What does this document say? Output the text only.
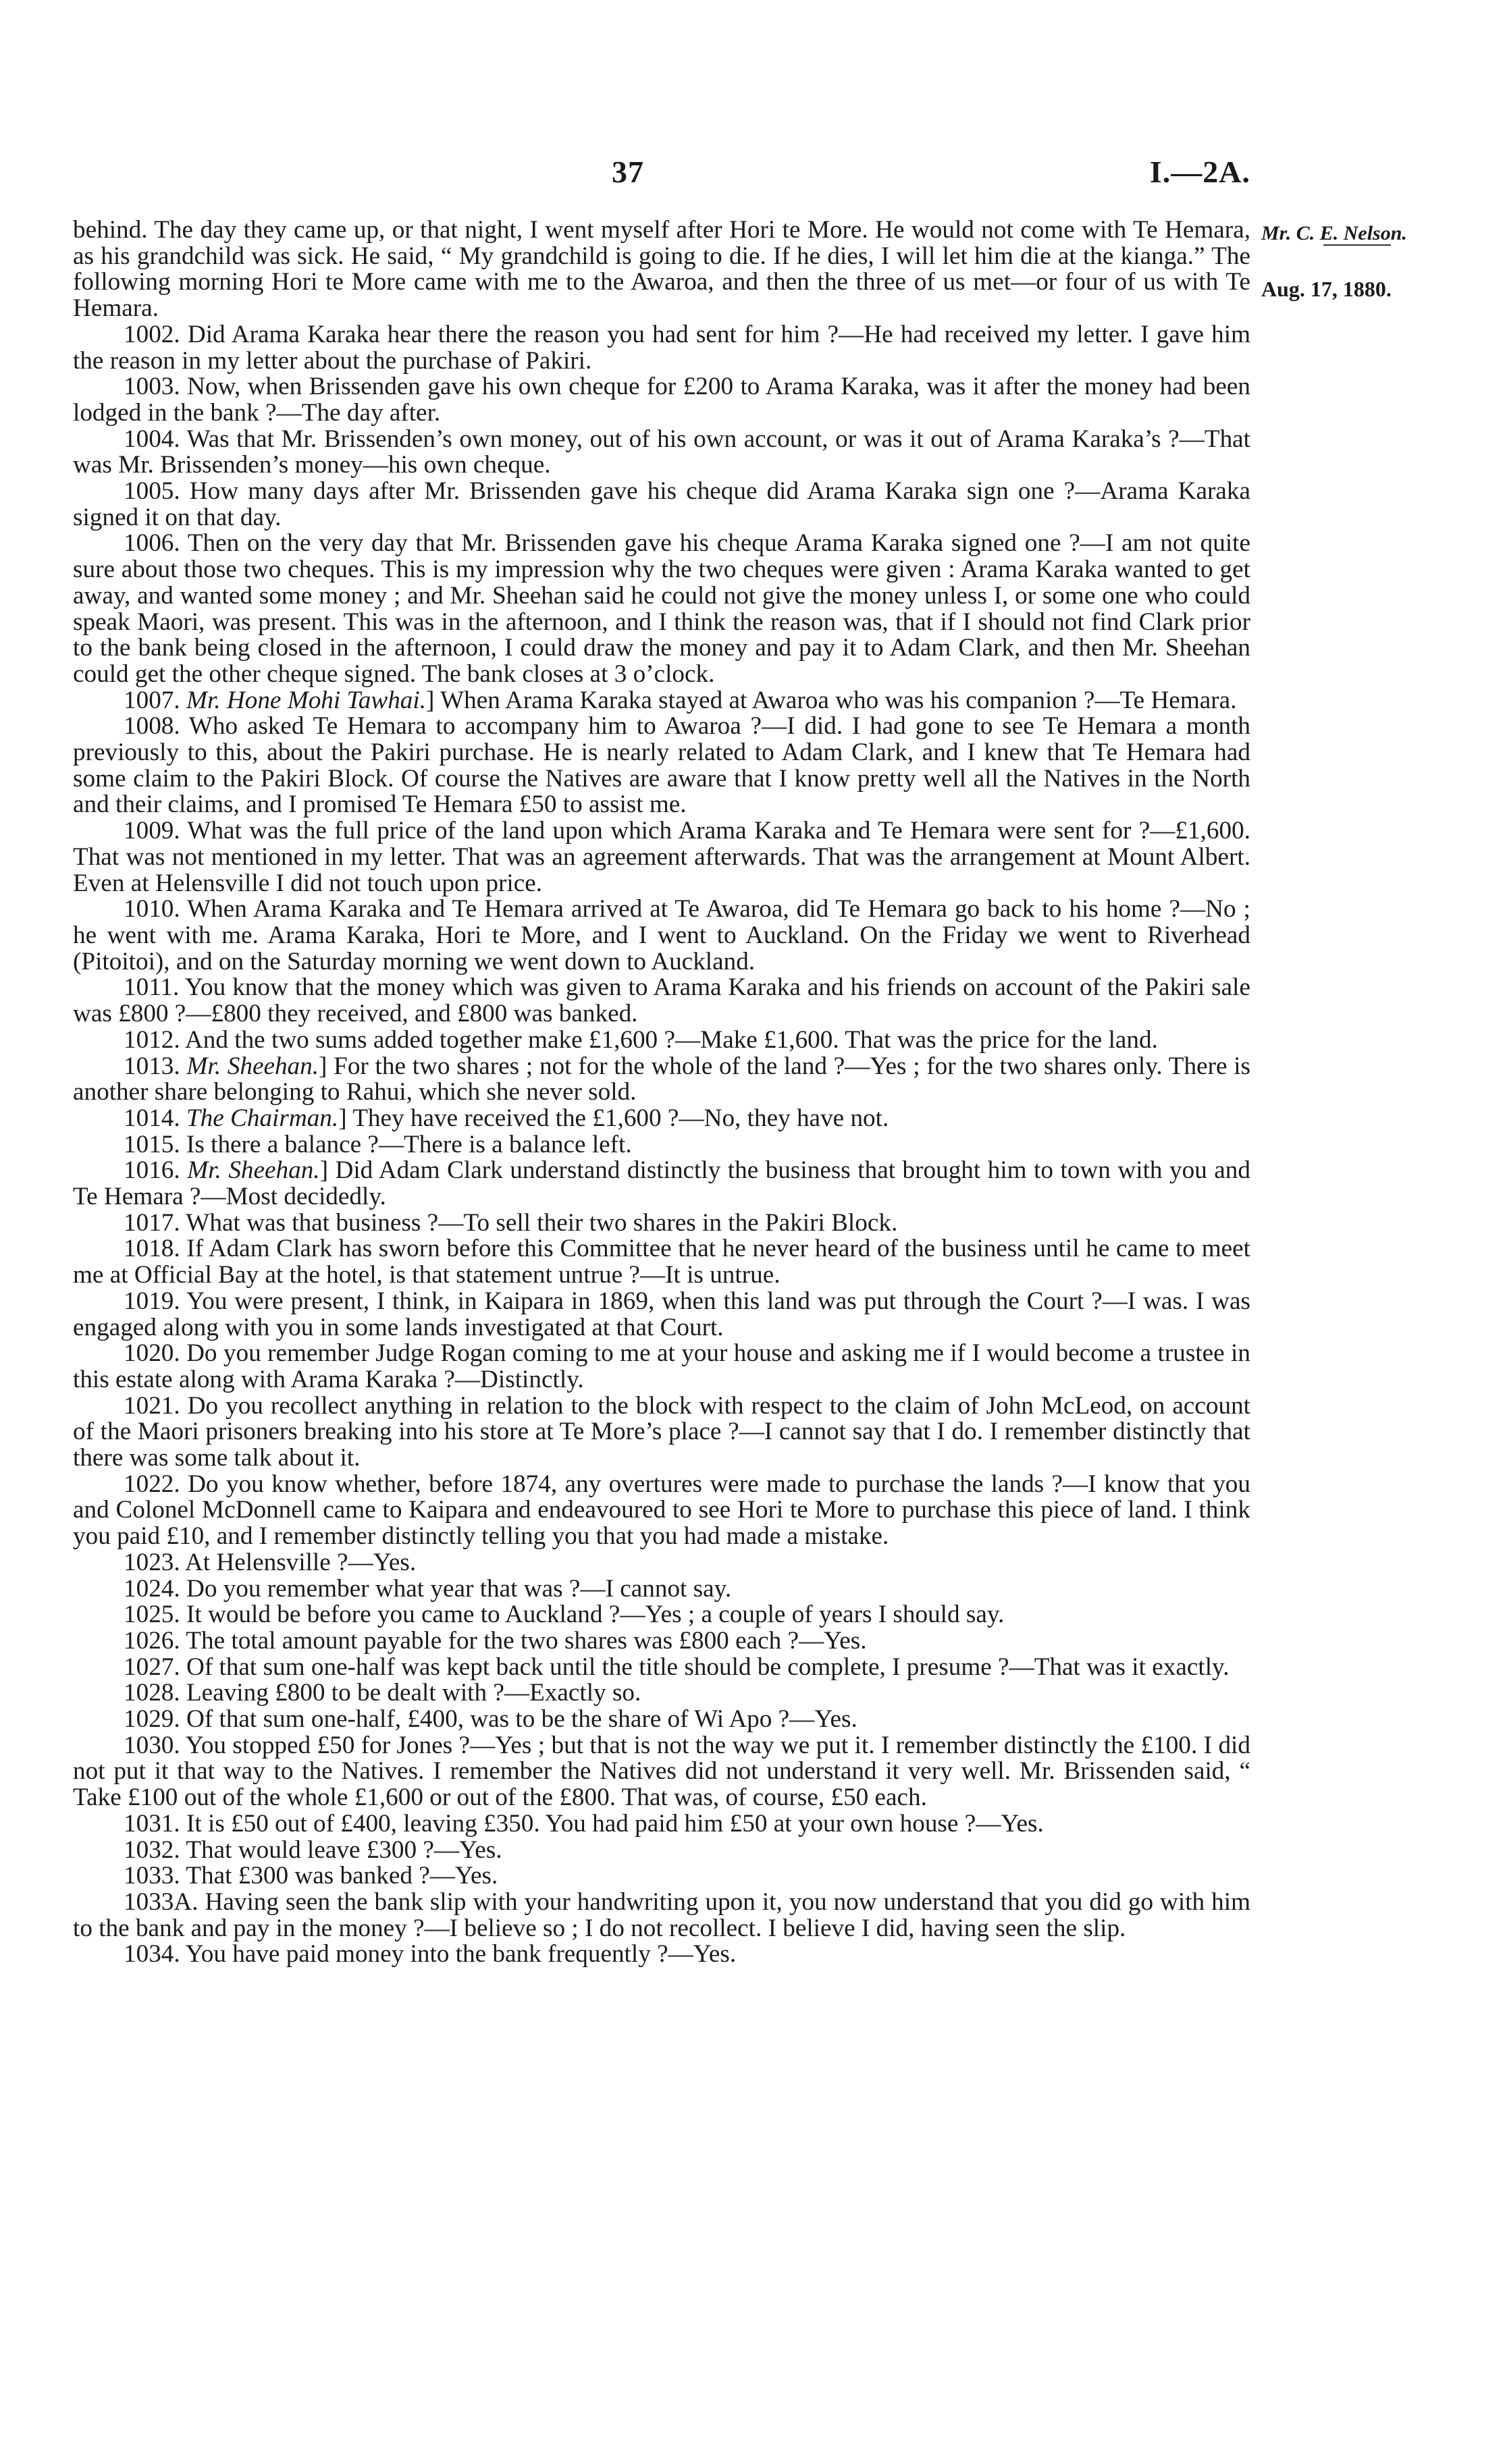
37	I.—2A.
Mr. C. E. Nelson.
Aug. 17, 1880.

behind. The day they came up, or that night, I went myself after Hori te More. He would not come with Te Hemara, as his grandchild was sick. He said, “ My grandchild is going to die. If he dies, I will let him die at the kianga.” The following morning Hori te More came with me to the Awaroa, and then the three of us met—or four of us with Te Hemara.

1002. Did Arama Karaka hear there the reason you had sent for him ?—He had received my letter. I gave him the reason in my letter about the purchase of Pakiri.

1003. Now, when Brissenden gave his own cheque for £200 to Arama Karaka, was it after the money had been lodged in the bank ?—The day after.

1004. Was that Mr. Brissenden’s own money, out of his own account, or was it out of Arama Karaka’s ?—That was Mr. Brissenden’s money—his own cheque.

1005. How many days after Mr. Brissenden gave his cheque did Arama Karaka sign one ?—Arama Karaka signed it on that day.

1006. Then on the very day that Mr. Brissenden gave his cheque Arama Karaka signed one ?—I am not quite sure about those two cheques. This is my impression why the two cheques were given : Arama Karaka wanted to get away, and wanted some money ; and Mr. Sheehan said he could not give the money unless I, or some one who could speak Maori, was present. This was in the afternoon, and I think the reason was, that if I should not find Clark prior to the bank being closed in the afternoon, I could draw the money and pay it to Adam Clark, and then Mr. Sheehan could get the other cheque signed. The bank closes at 3 o’clock.

1007. Mr. Hone Mohi Tawhai.] When Arama Karaka stayed at Awaroa who was his companion ?—Te Hemara.

1008. Who asked Te Hemara to accompany him to Awaroa ?—I did. I had gone to see Te Hemara a month previously to this, about the Pakiri purchase. He is nearly related to Adam Clark, and I knew that Te Hemara had some claim to the Pakiri Block. Of course the Natives are aware that I know pretty well all the Natives in the North and their claims, and I promised Te Hemara £50 to assist me.

1009. What was the full price of the land upon which Arama Karaka and Te Hemara were sent for ?—£1,600. That was not mentioned in my letter. That was an agreement afterwards. That was the arrangement at Mount Albert. Even at Helensville I did not touch upon price.

1010. When Arama Karaka and Te Hemara arrived at Te Awaroa, did Te Hemara go back to his home ?—No ; he went with me. Arama Karaka, Hori te More, and I went to Auckland. On the Friday we went to Riverhead (Pitoitoi), and on the Saturday morning we went down to Auckland.

1011. You know that the money which was given to Arama Karaka and his friends on account of the Pakiri sale was £800 ?—£800 they received, and £800 was banked.

1012. And the two sums added together make £1,600 ?—Make £1,600. That was the price for the land.

1013. Mr. Sheehan.] For the two shares ; not for the whole of the land ?—Yes ; for the two shares only. There is another share belonging to Rahui, which she never sold.

1014. The Chairman.] They have received the £1,600 ?—No, they have not.

1015. Is there a balance ?—There is a balance left.

1016. Mr. Sheehan.] Did Adam Clark understand distinctly the business that brought him to town with you and Te Hemara ?—Most decidedly.

1017. What was that business ?—To sell their two shares in the Pakiri Block.

1018. If Adam Clark has sworn before this Committee that he never heard of the business until he came to meet me at Official Bay at the hotel, is that statement untrue ?—It is untrue.

1019. You were present, I think, in Kaipara in 1869, when this land was put through the Court ?—I was. I was engaged along with you in some lands investigated at that Court.

1020. Do you remember Judge Rogan coming to me at your house and asking me if I would become a trustee in this estate along with Arama Karaka ?—Distinctly.

1021. Do you recollect anything in relation to the block with respect to the claim of John McLeod, on account of the Maori prisoners breaking into his store at Te More’s place ?—I cannot say that I do. I remember distinctly that there was some talk about it.

1022. Do you know whether, before 1874, any overtures were made to purchase the lands ?—I know that you and Colonel McDonnell came to Kaipara and endeavoured to see Hori te More to purchase this piece of land. I think you paid £10, and I remember distinctly telling you that you had made a mistake.

1023. At Helensville ?—Yes.

1024. Do you remember what year that was ?—I cannot say.

1025. It would be before you came to Auckland ?—Yes ; a couple of years I should say.

1026. The total amount payable for the two shares was £800 each ?—Yes.

1027. Of that sum one-half was kept back until the title should be complete, I presume ?—That was it exactly.

1028. Leaving £800 to be dealt with ?—Exactly so.

1029. Of that sum one-half, £400, was to be the share of Wi Apo ?—Yes.

1030. You stopped £50 for Jones ?—Yes ; but that is not the way we put it. I remember distinctly the £100. I did not put it that way to the Natives. I remember the Natives did not understand it very well. Mr. Brissenden said, “ Take £100 out of the whole £1,600 or out of the £800. That was, of course, £50 each.

1031. It is £50 out of £400, leaving £350. You had paid him £50 at your own house ?—Yes.

1032. That would leave £300 ?—Yes.

1033. That £300 was banked ?—Yes.

1033A. Having seen the bank slip with your handwriting upon it, you now understand that you did go with him to the bank and pay in the money ?—I believe so ; I do not recollect. I believe I did, having seen the slip.

1034. You have paid money into the bank frequently ?—Yes.
